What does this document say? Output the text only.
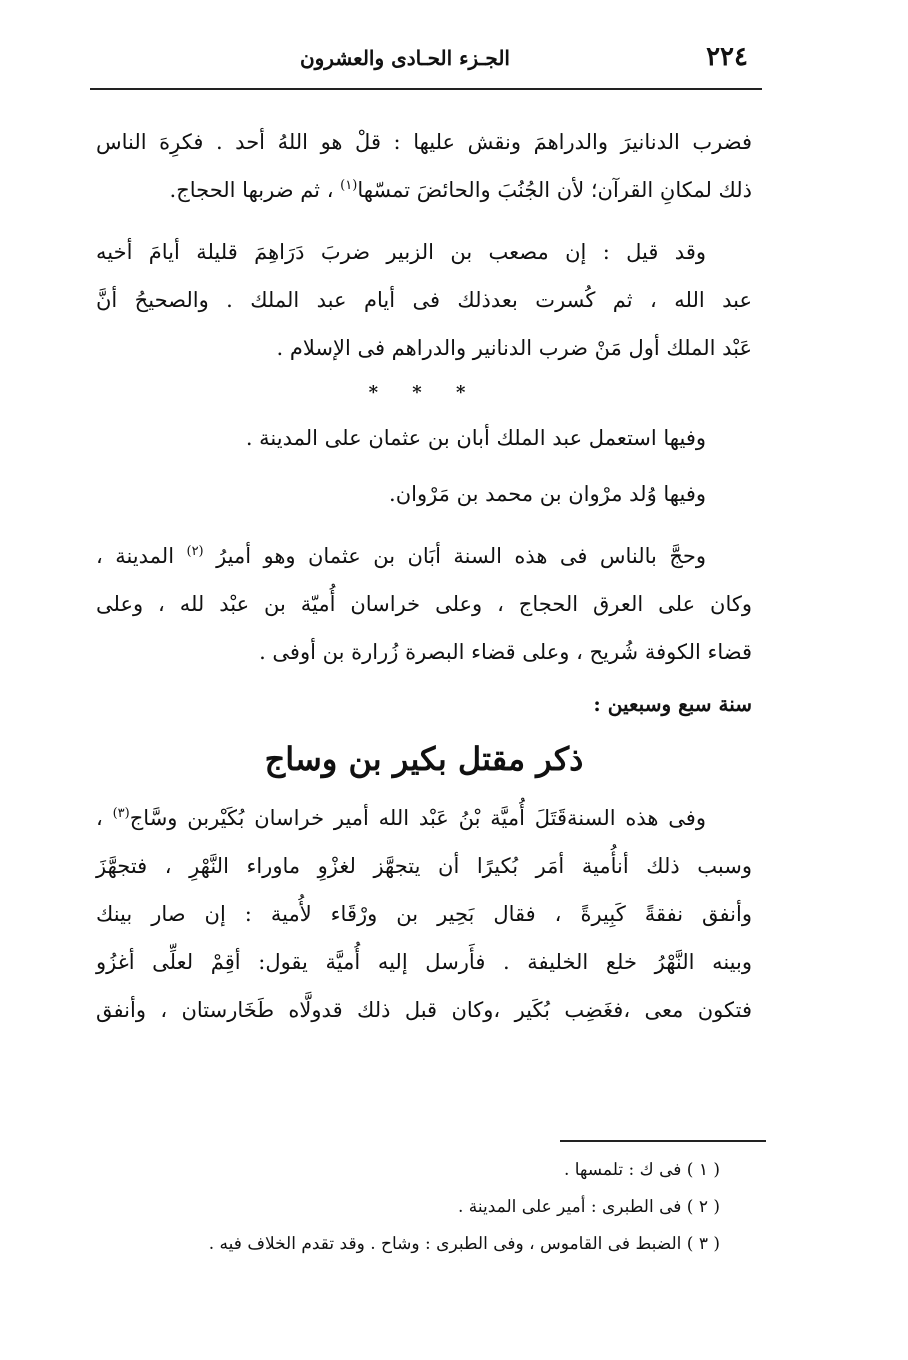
٢٢٤
الجـزء الحـادى والعشرون
فضرب الدنانيرَ والدراهمَ ونقش عليها : قلْ هو اللهُ أحد . فكرِهَ الناس
ذلك لمكانِ القرآن؛ لأن الجُنُبَ والحائضَ تمسّها$^{(١)}$ ، ثم ضربها الحجاج.
وقد قيل : إن مصعب بن الزبير ضربَ دَرَاهِمَ قليلة أيامَ أخيه
عبد الله ، ثم كُسرت بعدذلك فى أيام عبد الملك . والصحيحُ أنَّ
عَبْد الملك أول مَنْ ضرب الدنانير والدراهم فى الإسلام .
* * *
وفيها استعمل عبد الملك أبان بن عثمان على المدينة .
وفيها وُلد مرْوان بن محمد بن مَرْوان.
وحجَّ بالناس فى هذه السنة أبَان بن عثمان وهو أميرُ $^{(٢)}$ المدينة ،
وكان على العرق الحجاج ، وعلى خراسان أُميّة بن عبْد لله ، وعلى
قضاء الكوفة شُريح ، وعلى قضاء البصرة زُرارة بن أوفى .

سنة سبع وسبعين :

ذكر مقتل بكير بن وساج

وفى هذه السنةقَتَلَ أُميَّة بْنُ عَبْد الله أمير خراسان بُكَيْربن وسَّاج$^{(٣)}$ ،
وسبب ذلك أنأُمية أمَر بُكيرًا أن يتجهَّز لغزْوِ ماوراء النَّهْرِ ، فتجهَّزَ
وأنفق نفقةً كَبِيرةً ، فقال بَحِير بن ورْقَاء لأُمية : إن صار بينك
وبينه النَّهْرُ خلع الخليفة . فأَرسل إليه أُميَّة يقول: أقِمْ لعلِّى أغزُو
فتكون معى ،فغَضِب بُكَير ،وكان قبل ذلك قدولَّاه طَخَارستان ، وأنفق
( ١ ) فى ك : تلمسها .
( ٢ ) فى الطبرى : أمير على المدينة .
( ٣ ) الضبط فى القاموس ، وفى الطبرى : وشاح . وقد تقدم الخلاف فيه .
